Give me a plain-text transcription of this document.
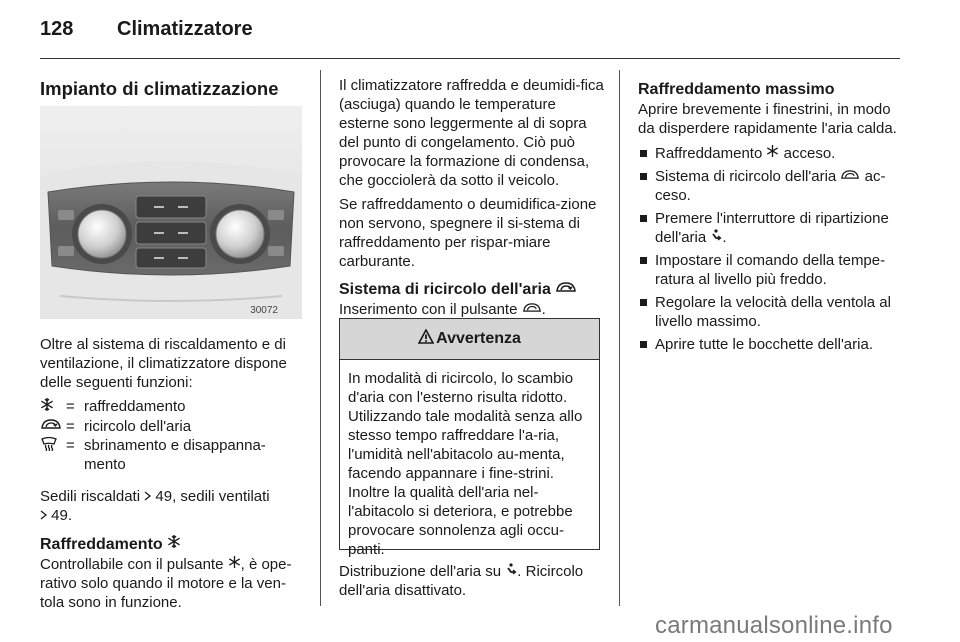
128 Climatizzatore
Impianto di climatizzazione
30072

Oltre al sistema di riscaldamento e di ventilazione, il climatizzatore dispone delle seguenti funzioni:

= raffreddamento
= ricircolo dell'aria
= sbrinamento e disappanna-mento

Sedili riscaldati 49, sedili ventilati
49.

Raffreddamento

Controllabile con il pulsante , è ope-rativo solo quando il motore e la ven-tola sono in funzione.

Il climatizzatore raffredda e deumidi-fica (asciuga) quando le temperature esterne sono leggermente al di sopra del punto di congelamento. Ciò può provocare la formazione di condensa, che gocciolerà da sotto il veicolo.

Se raffreddamento o deumidifica-zione non servono, spegnere il si-stema di raffreddamento per rispar-miare carburante.

Sistema di ricircolo dell'aria

Inserimento con il pulsante .

Avvertenza
In modalità di ricircolo, lo scambio d'aria con l'esterno risulta ridotto. Utilizzando tale modalità senza allo stesso tempo raffreddare l'a-ria, l'umidità nell'abitacolo au-menta, facendo appannare i fine-strini. Inoltre la qualità dell'aria nel-l'abitacolo si deteriora, e potrebbe provocare sonnolenza agli occu-panti.

Distribuzione dell'aria su . Ricircolo dell'aria disattivato.

Raffreddamento massimo

Aprire brevemente i finestrini, in modo da disperdere rapidamente l'aria calda.

Raffreddamento acceso.
Sistema di ricircolo dell'aria ac-ceso.
Premere l'interruttore di ripartizione dell'aria .
Impostare il comando della tempe-ratura al livello più freddo.
Regolare la velocità della ventola al livello massimo.
Aprire tutte le bocchette dell'aria.
carmanualsonline.info
